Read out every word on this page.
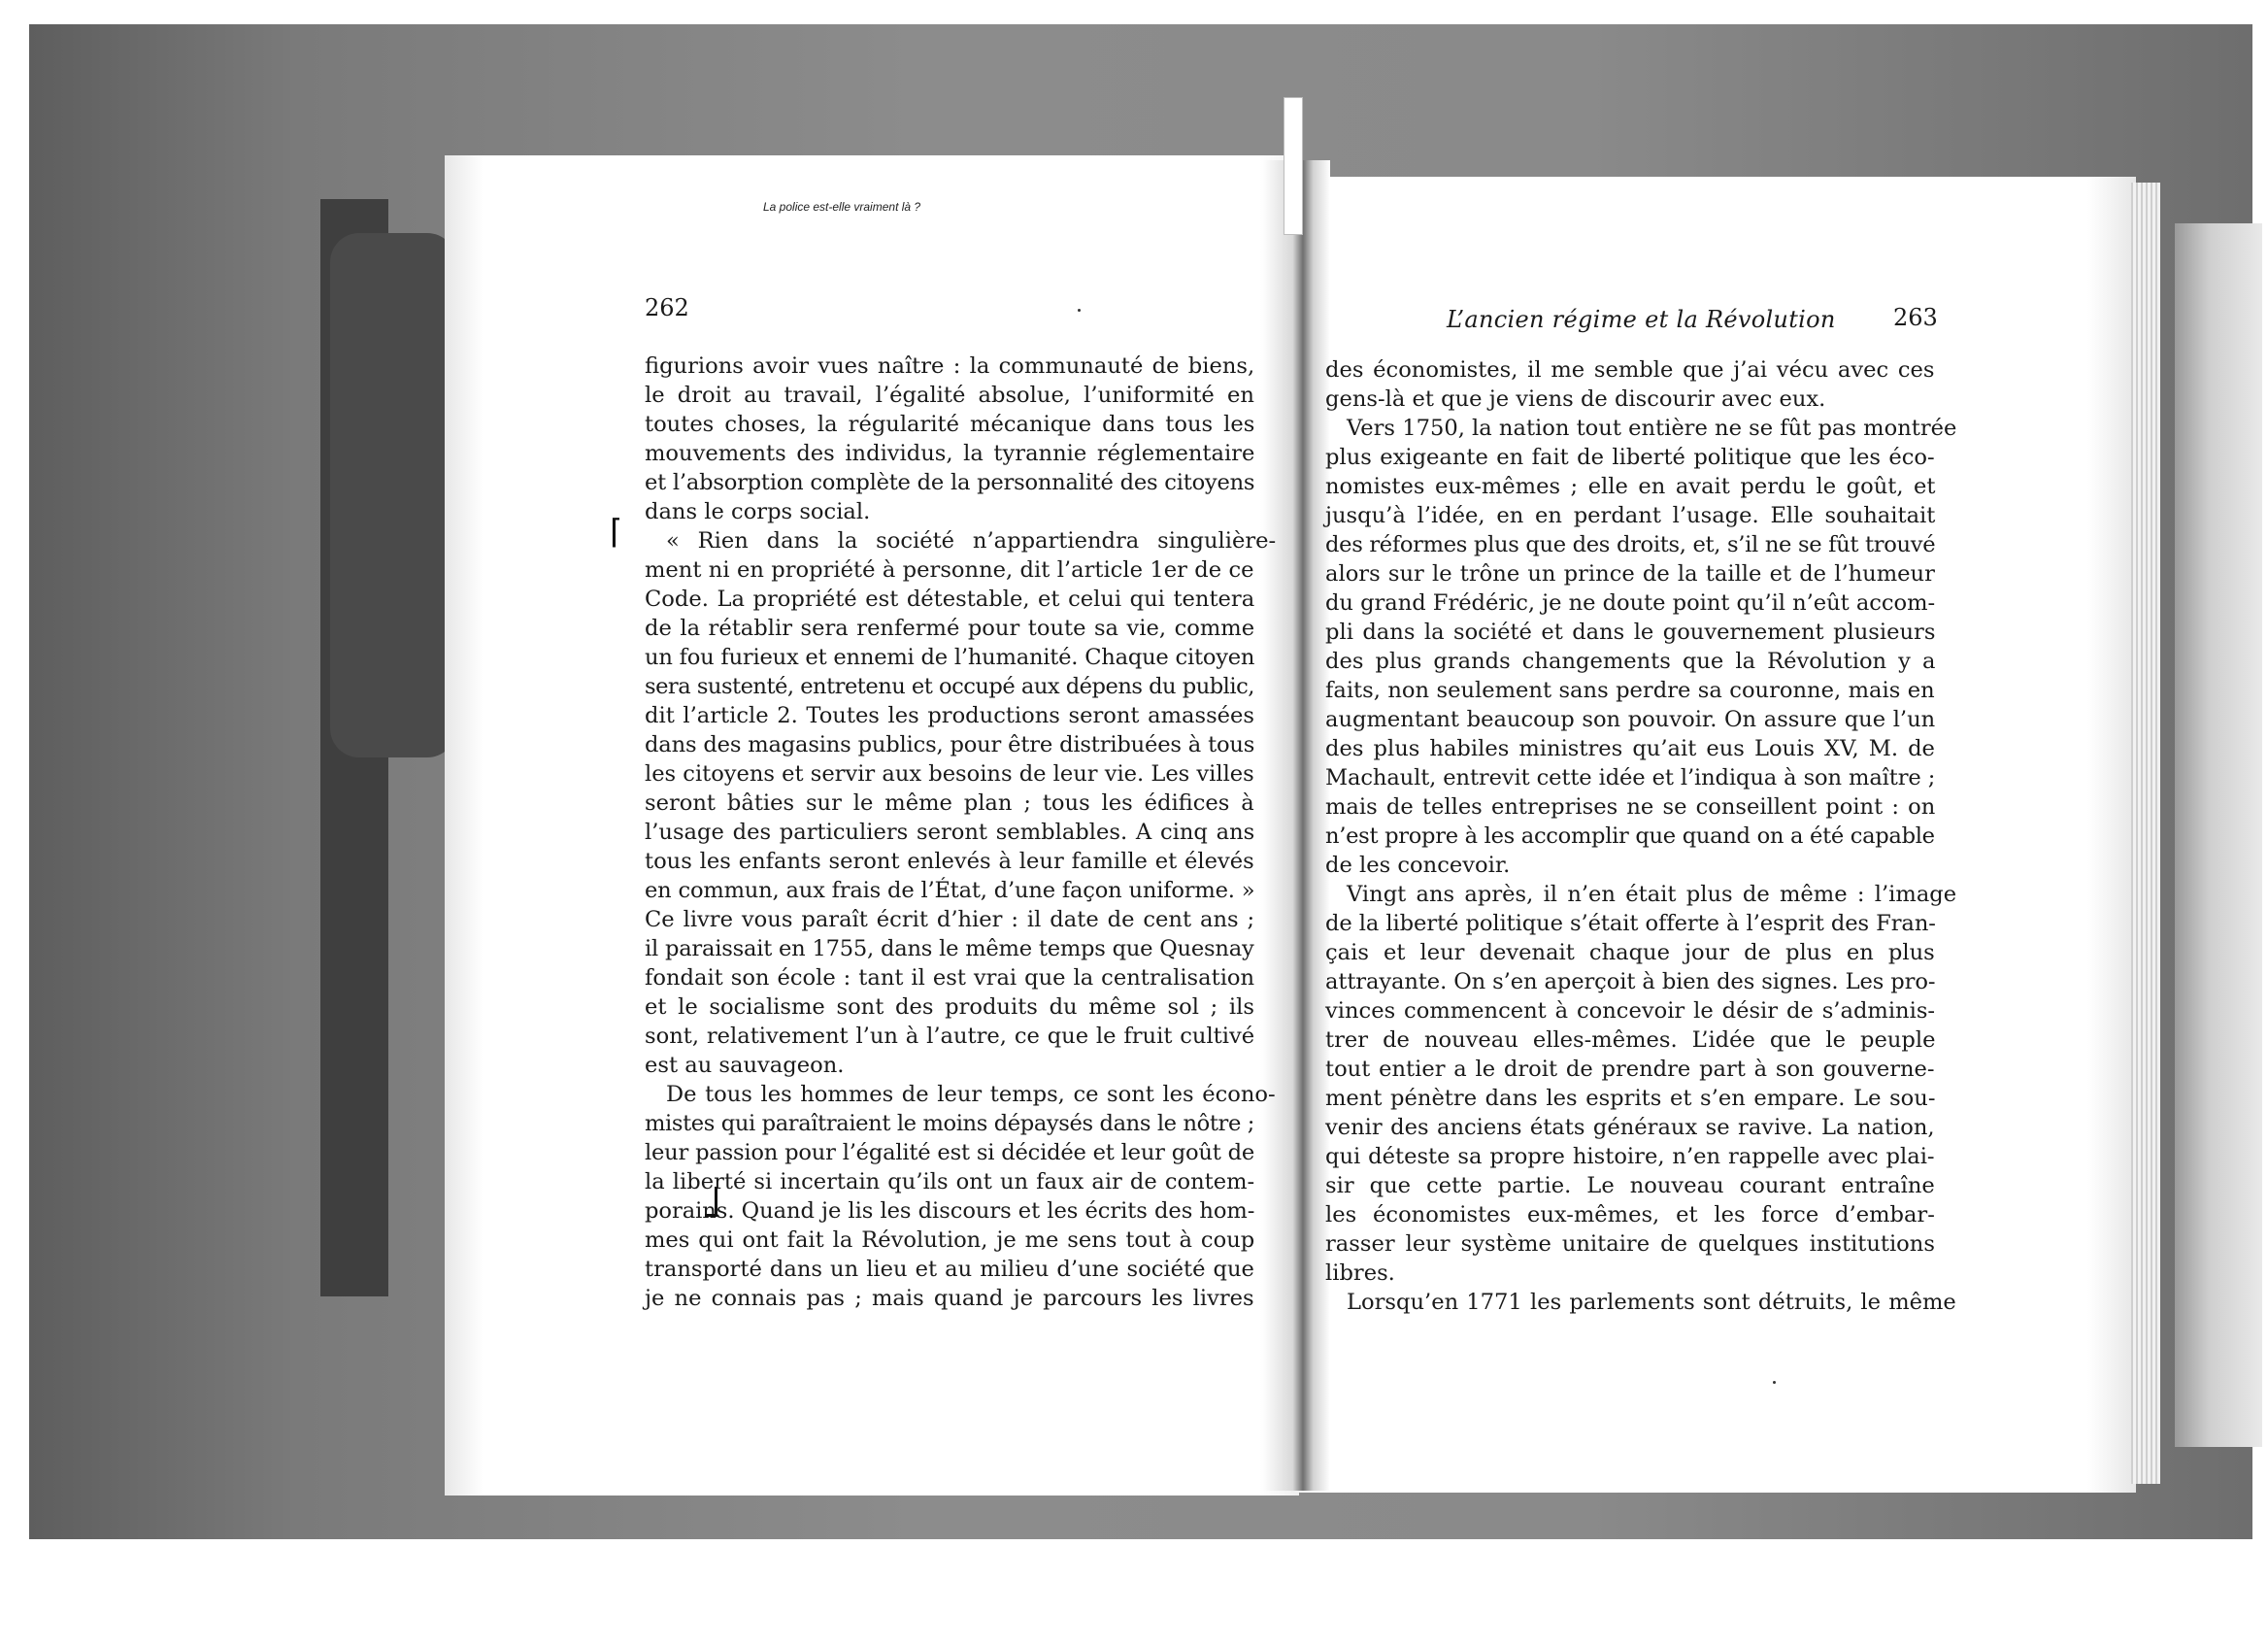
La police est-elle vraiment là ?
262	263
L’ancien régime et la Révolution
figurions avoir vues naître : la communauté de biens,
le droit au travail, l’égalité absolue, l’uniformité en
toutes choses, la régularité mécanique dans tous les
mouvements des individus, la tyrannie réglementaire
et l’absorption complète de la personnalité des citoyens
dans le corps social.
« Rien dans la société n’appartiendra singulière-
ment ni en propriété à personne, dit l’article 1er de ce
Code. La propriété est détestable, et celui qui tentera
de la rétablir sera renfermé pour toute sa vie, comme
un fou furieux et ennemi de l’humanité. Chaque citoyen
sera sustenté, entretenu et occupé aux dépens du public,
dit l’article 2. Toutes les productions seront amassées
dans des magasins publics, pour être distribuées à tous
les citoyens et servir aux besoins de leur vie. Les villes
seront bâties sur le même plan ; tous les édifices à
l’usage des particuliers seront semblables. A cinq ans
tous les enfants seront enlevés à leur famille et élevés
en commun, aux frais de l’État, d’une façon uniforme. »
Ce livre vous paraît écrit d’hier : il date de cent ans ;
il paraissait en 1755, dans le même temps que Quesnay
fondait son école : tant il est vrai que la centralisation
et le socialisme sont des produits du même sol ; ils
sont, relativement l’un à l’autre, ce que le fruit cultivé
est au sauvageon.
De tous les hommes de leur temps, ce sont les écono-
mistes qui paraîtraient le moins dépaysés dans le nôtre ;
leur passion pour l’égalité est si décidée et leur goût de
la liberté si incertain qu’ils ont un faux air de contem-
porains. Quand je lis les discours et les écrits des hom-
mes qui ont fait la Révolution, je me sens tout à coup
transporté dans un lieu et au milieu d’une société que
je ne connais pas ; mais quand je parcours les livres
des économistes, il me semble que j’ai vécu avec ces
gens-là et que je viens de discourir avec eux.
Vers 1750, la nation tout entière ne se fût pas montrée
plus exigeante en fait de liberté politique que les éco-
nomistes eux-mêmes ; elle en avait perdu le goût, et
jusqu’à l’idée, en en perdant l’usage. Elle souhaitait
des réformes plus que des droits, et, s’il ne se fût trouvé
alors sur le trône un prince de la taille et de l’humeur
du grand Frédéric, je ne doute point qu’il n’eût accom-
pli dans la société et dans le gouvernement plusieurs
des plus grands changements que la Révolution y a
faits, non seulement sans perdre sa couronne, mais en
augmentant beaucoup son pouvoir. On assure que l’un
des plus habiles ministres qu’ait eus Louis XV, M. de
Machault, entrevit cette idée et l’indiqua à son maître ;
mais de telles entreprises ne se conseillent point : on
n’est propre à les accomplir que quand on a été capable
de les concevoir.
Vingt ans après, il n’en était plus de même : l’image
de la liberté politique s’était offerte à l’esprit des Fran-
çais et leur devenait chaque jour de plus en plus
attrayante. On s’en aperçoit à bien des signes. Les pro-
vinces commencent à concevoir le désir de s’adminis-
trer de nouveau elles-mêmes. L’idée que le peuple
tout entier a le droit de prendre part à son gouverne-
ment pénètre dans les esprits et s’en empare. Le sou-
venir des anciens états généraux se ravive. La nation,
qui déteste sa propre histoire, n’en rappelle avec plai-
sir que cette partie. Le nouveau courant entraîne
les économistes eux-mêmes, et les force d’embar-
rasser leur système unitaire de quelques institutions
libres.
Lorsqu’en 1771 les parlements sont détruits, le même
⌈
